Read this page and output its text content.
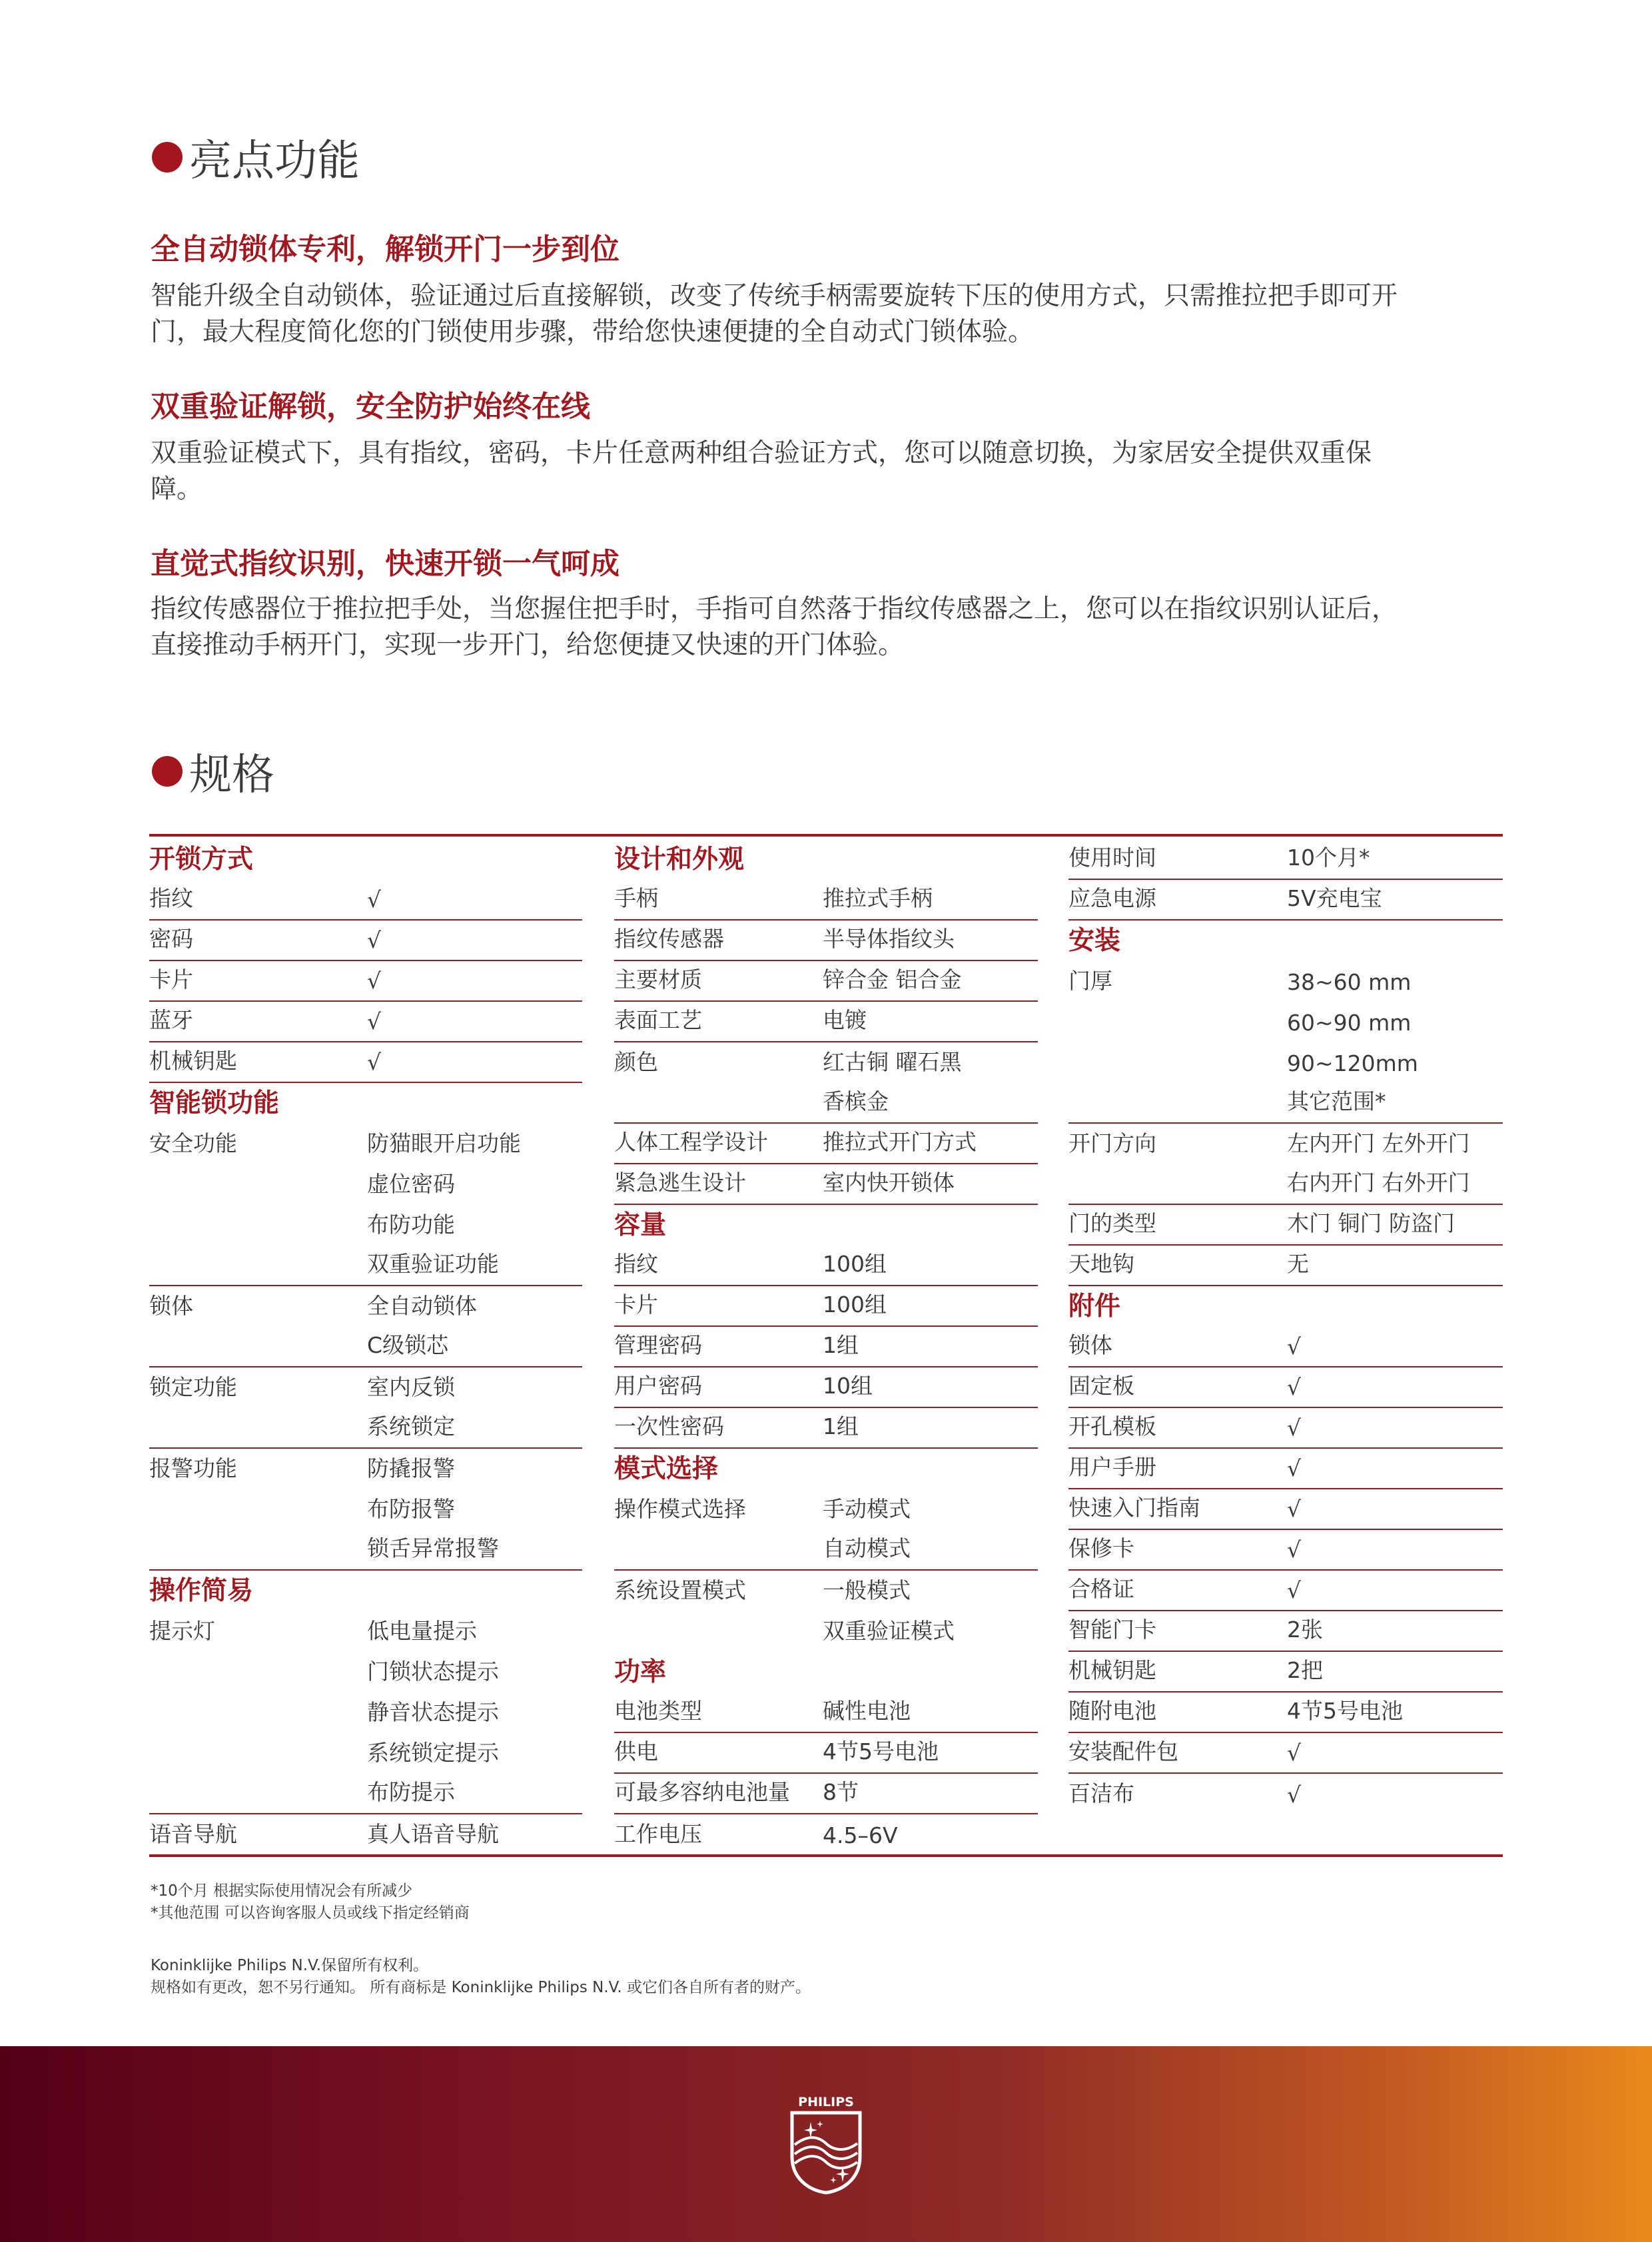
亮点功能
全自动锁体专利，解锁开门一步到位
智能升级全自动锁体，验证通过后直接解锁，改变了传统手柄需要旋转下压的使用方式，只需推拉把手即可开
门，最大程度简化您的门锁使用步骤，带给您快速便捷的全自动式门锁体验。
双重验证解锁，安全防护始终在线
双重验证模式下，具有指纹，密码，卡片任意两种组合验证方式，您可以随意切换，为家居安全提供双重保
障。
直觉式指纹识别，快速开锁一气呵成
指纹传感器位于推拉把手处，当您握住把手时，手指可自然落于指纹传感器之上，您可以在指纹识别认证后，
直接推动手柄开门，实现一步开门，给您便捷又快速的开门体验。
规格
开锁方式
指纹	√
密码	√
卡片	√
蓝牙	√
机械钥匙	√
智能锁功能
安全功能	防猫眼开启功能
虚位密码
布防功能
双重验证功能
锁体	全自动锁体
C级锁芯
锁定功能	室内反锁
系统锁定
报警功能	防撬报警
布防报警
锁舌异常报警
操作简易
提示灯	低电量提示
门锁状态提示
静音状态提示
系统锁定提示
布防提示
语音导航	真人语音导航
设计和外观
手柄	推拉式手柄
指纹传感器	半导体指纹头
主要材质	锌合金 铝合金
表面工艺	电镀
颜色	红古铜 曜石黑
香槟金
人体工程学设计 推拉式开门方式
紧急逃生设计	室内快开锁体
容量
指纹	100组
卡片	100组
管理密码	1组
用户密码	10组
一次性密码	1组
模式选择
操作模式选择	手动模式
自动模式
系统设置模式	一般模式
双重验证模式
功率
电池类型	碱性电池
供电	4节5号电池
可最多容纳电池量 8节
工作电压	4.5–6V
使用时间	10个月*
应急电源	5V充电宝
安装
门厚	38~60 mm
60~90 mm
90~120mm
其它范围*
开门方向	左内开门 左外开门
右内开门 右外开门
门的类型	木门 铜门 防盗门
天地钩	无
附件
锁体	√
固定板	√
开孔模板	√
用户手册	√
快速入门指南	√
保修卡	√
合格证	√
智能门卡	2张
机械钥匙	2把
随附电池	4节5号电池
安装配件包	√
百洁布	√
*10个月 根据实际使用情况会有所减少
*其他范围 可以咨询客服人员或线下指定经销商
Koninklijke Philips N.V.保留所有权利。
规格如有更改，恕不另行通知。 所有商标是 Koninklijke Philips N.V. 或它们各自所有者的财产。
PHILIPS
